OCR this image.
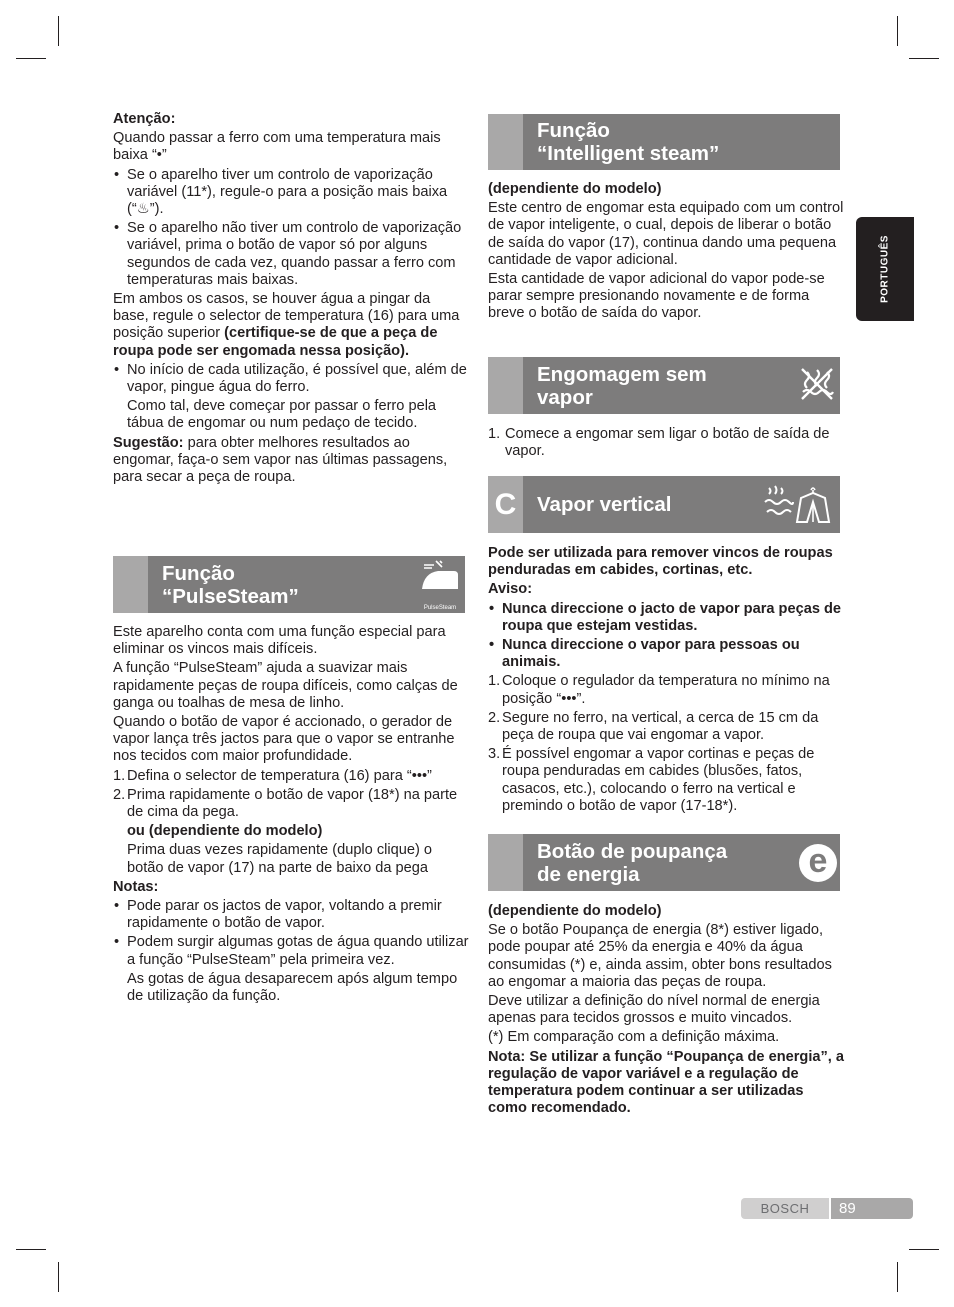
PORTUGUÊS

Atenção:

Quando passar a ferro com uma temperatura mais baixa “•”

• Se o aparelho tiver um controlo de vaporização variável (11*), regule-o para a posição mais baixa
(“♨”).
• Se o aparelho não tiver um controlo de vaporização variável, prima o botão de vapor só por alguns segundos de cada vez, quando passar a ferro com temperaturas mais baixas.

Em ambos os casos, se houver água a pingar da base, regule o selector de temperatura (16) para uma posição superior (certifique-se de que a peça de roupa pode ser engomada nessa posição).

• No início de cada utilização, é possível que, além de vapor, pingue água do ferro.

Como tal, deve começar por passar o ferro pela tábua de engomar ou num pedaço de tecido.

Sugestão: para obter melhores resultados ao engomar, faça-o sem vapor nas últimas passagens, para secar a peça de roupa.

Função
“PulseSteam”	PulseSteam

Este aparelho conta com uma função especial para eliminar os vincos mais difíceis.

A função “PulseSteam” ajuda a suavizar mais rapidamente peças de roupa difíceis, como calças de ganga ou toalhas de mesa de linho.

Quando o botão de vapor é accionado, o gerador de vapor lança três jactos para que o vapor se entranhe nos tecidos com maior profundidade.

1. Defina o selector de temperatura (16) para “•••”
2. Prima rapidamente o botão de vapor (18*) na parte de cima da pega.

ou (dependiente do modelo)

Prima duas vezes rapidamente (duplo clique) o botão de vapor (17) na parte de baixo da pega

Notas:

• Pode parar os jactos de vapor, voltando a premir rapidamente o botão de vapor.
• Podem surgir algumas gotas de água quando utilizar a função “PulseSteam” pela primeira vez.

As gotas de água desaparecem após algum tempo de utilização da função.

Função
“Intelligent steam”

(dependiente do modelo)

Este centro de engomar esta equipado com um control de vapor inteligente, o cual, depois de liberar o botão de saída do vapor (17), continua dando uma pequena cantidade de vapor adicional.

Esta cantidade de vapor adicional do vapor pode-se parar sempre presionando novamente e de forma breve o botão de saída do vapor.

Engomagem sem
vapor
1. Comece a engomar sem ligar o botão de saída de vapor.
C	Vapor vertical

Pode ser utilizada para remover vincos de roupas penduradas em cabides, cortinas, etc.

Aviso:

• Nunca direccione o jacto de vapor para peças de roupa que estejam vestidas.
• Nunca direccione o vapor para pessoas ou animais.
1. Coloque o regulador da temperatura no mínimo na posição “•••”.
2. Segure no ferro, na vertical, a cerca de 15 cm da peça de roupa que vai engomar a vapor.
3. É possível engomar a vapor cortinas e peças de roupa penduradas em cabides (blusões, fatos, casacos, etc.), colocando o ferro na vertical e premindo o botão de vapor (17-18*).
Botão de poupança
de energia	e

(dependiente do modelo)

Se o botão Poupança de energia (8*) estiver ligado, pode poupar até 25% da energia e 40% da água consumidas (*) e, ainda assim, obter bons resultados ao engomar a maioria das peças de roupa.

Deve utilizar a definição do nível normal de energia apenas para tecidos grossos e muito vincados.

(*) Em comparação com a definição máxima.

Nota: Se utilizar a função “Poupança de energia”, a regulação de vapor variável e a regulação de temperatura podem continuar a ser utilizadas como recomendado.

BOSCH	89
